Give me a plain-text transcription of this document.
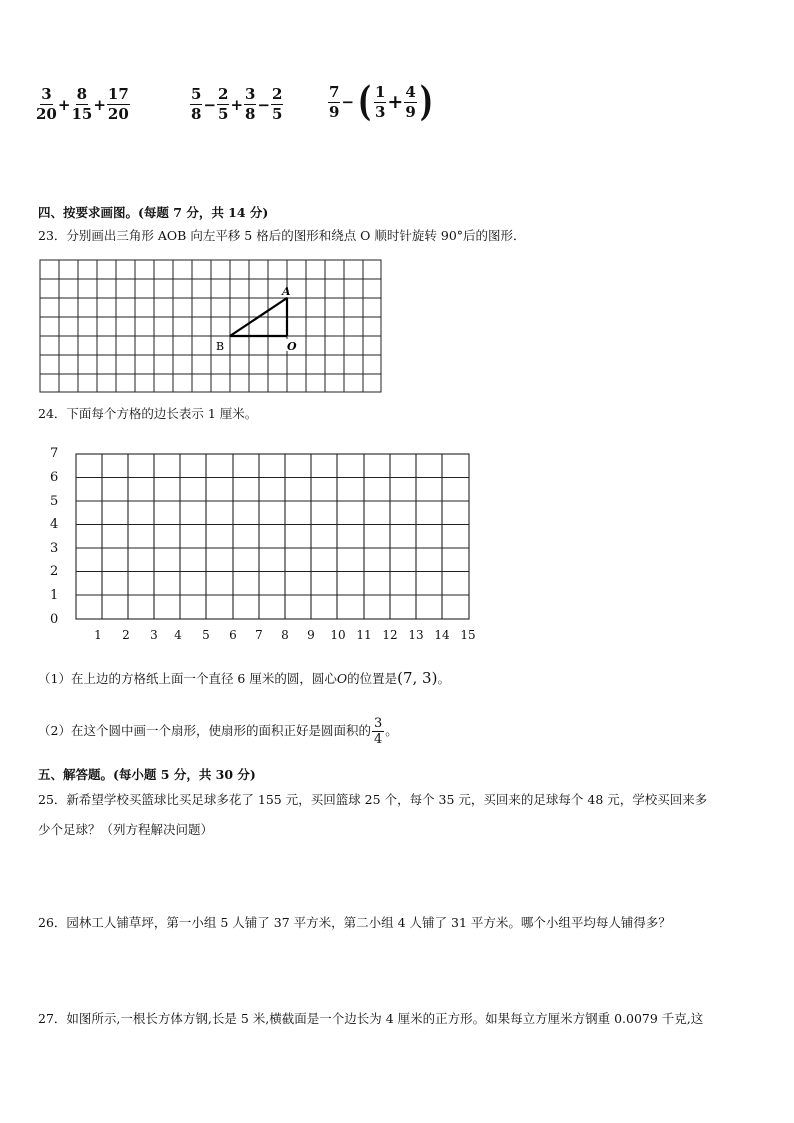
$\frac{3}{20} + \frac{8}{15} + \frac{17}{20}$	$\frac{5}{8} - \frac{2}{5} + \frac{3}{8} - \frac{2}{5}$	$\frac{7}{9}$ − ( $\frac{1}{3} + \frac{4}{9}$ )
四、按要求画图。(每题 7 分，共 14 分)
23．分别画出三角形 AOB 向左平移 5 格后的图形和绕点 O 顺时针旋转 90°后的图形．
A
B	O
24．下面每个方格的边长表示 1 厘米。
7
6
5
4
3
2
1
0
1 2 3 4 5 6 7 8 9 10 11 12 13 14 15
（1）在上边的方格纸上面一个直径 6 厘米的圆，圆心O的位置是(7, 3)。
（2）在这个圆中画一个扇形，使扇形的面积正好是圆面积的 $\frac{3}{4}$ 。
五、解答题。(每小题 5 分，共 30 分)
25．新希望学校买篮球比买足球多花了 155 元，买回篮球 25 个，每个 35 元，买回来的足球每个 48 元，学校买回来多
少个足球？（列方程解决问题）
26．园林工人铺草坪，第一小组 5 人铺了 37 平方米，第二小组 4 人铺了 31 平方米。哪个小组平均每人铺得多？
27．如图所示,一根长方体方钢,长是 5 米,横截面是一个边长为 4 厘米的正方形。如果每立方厘米方钢重 0.0079 千克,这
